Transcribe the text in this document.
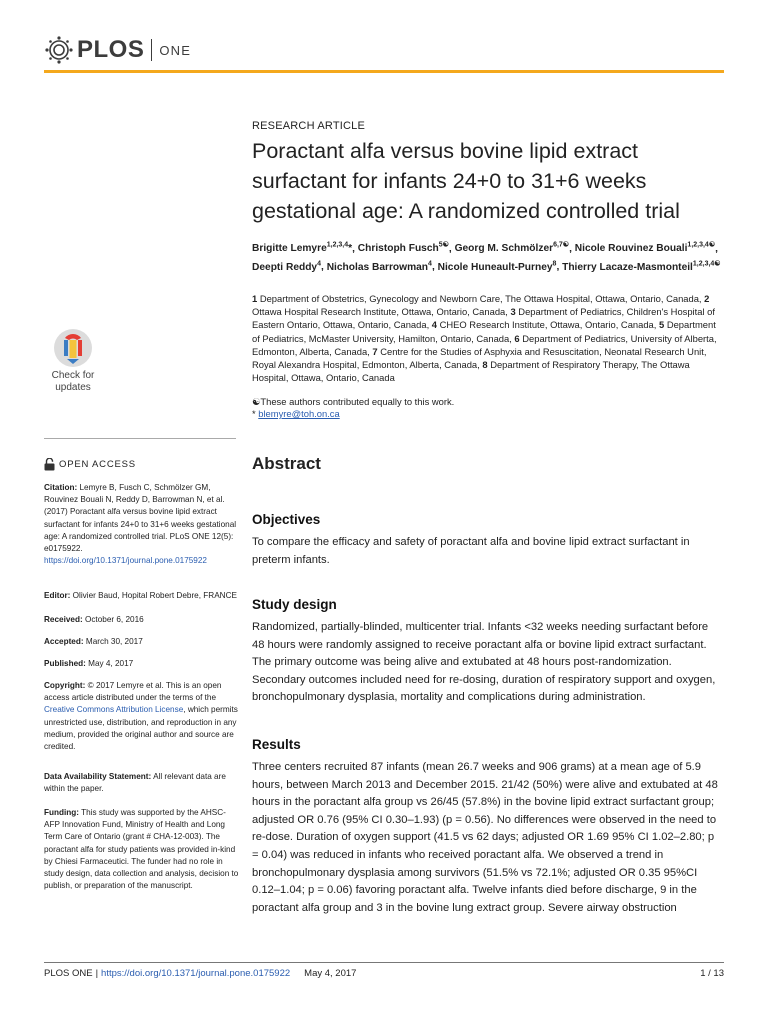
PLOS ONE
Check for updates
OPEN ACCESS
Citation: Lemyre B, Fusch C, Schmölzer GM, Rouvinez Bouali N, Reddy D, Barrowman N, et al. (2017) Poractant alfa versus bovine lipid extract surfactant for infants 24+0 to 31+6 weeks gestational age: A randomized controlled trial. PLoS ONE 12(5): e0175922. https://doi.org/10.1371/journal.pone.0175922
Editor: Olivier Baud, Hopital Robert Debre, FRANCE
Received: October 6, 2016
Accepted: March 30, 2017
Published: May 4, 2017
Copyright: © 2017 Lemyre et al. This is an open access article distributed under the terms of the Creative Commons Attribution License, which permits unrestricted use, distribution, and reproduction in any medium, provided the original author and source are credited.
Data Availability Statement: All relevant data are within the paper.
Funding: This study was supported by the AHSC-AFP Innovation Fund, Ministry of Health and Long Term Care of Ontario (grant # CHA-12-003). The poractant alfa for study patients was provided in-kind by Chiesi Farmaceutici. The funder had no role in study design, data collection and analysis, decision to publish, or preparation of the manuscript.
RESEARCH ARTICLE
Poractant alfa versus bovine lipid extract surfactant for infants 24+0 to 31+6 weeks gestational age: A randomized controlled trial
Brigitte Lemyre$^{1,2,3,4}$*, Christoph Fusch$^{5☯}$, Georg M. Schmölzer$^{6,7☯}$, Nicole Rouvinez Bouali$^{1,2,3,4☯}$, Deepti Reddy$^4$, Nicholas Barrowman$^4$, Nicole Huneault-Purney$^8$, Thierry Lacaze-Masmonteil$^{1,2,3,4☯}$
1 Department of Obstetrics, Gynecology and Newborn Care, The Ottawa Hospital, Ottawa, Ontario, Canada, 2 Ottawa Hospital Research Institute, Ottawa, Ontario, Canada, 3 Department of Pediatrics, Children's Hospital of Eastern Ontario, Ottawa, Ontario, Canada, 4 CHEO Research Institute, Ottawa, Ontario, Canada, 5 Department of Pediatrics, McMaster University, Hamilton, Ontario, Canada, 6 Department of Pediatrics, University of Alberta, Edmonton, Alberta, Canada, 7 Centre for the Studies of Asphyxia and Resuscitation, Neonatal Research Unit, Royal Alexandra Hospital, Edmonton, Alberta, Canada, 8 Department of Respiratory Therapy, The Ottawa Hospital, Ottawa, Ontario, Canada
☯These authors contributed equally to this work.
* blemyre@toh.on.ca
Abstract
Objectives

To compare the efficacy and safety of poractant alfa and bovine lipid extract surfactant in preterm infants.

Study design

Randomized, partially-blinded, multicenter trial. Infants <32 weeks needing surfactant before 48 hours were randomly assigned to receive poractant alfa or bovine lipid extract surfactant. The primary outcome was being alive and extubated at 48 hours post-randomization. Secondary outcomes included need for re-dosing, duration of respiratory support and oxygen, bronchopulmonary dysplasia, mortality and complications during administration.

Results

Three centers recruited 87 infants (mean 26.7 weeks and 906 grams) at a mean age of 5.9 hours, between March 2013 and December 2015. 21/42 (50%) were alive and extubated at 48 hours in the poractant alfa group vs 26/45 (57.8%) in the bovine lipid extract surfactant group; adjusted OR 0.76 (95% CI 0.30–1.93) (p = 0.56). No differences were observed in the need to re-dose. Duration of oxygen support (41.5 vs 62 days; adjusted OR 1.69 95% CI 1.02–2.80; p = 0.04) was reduced in infants who received poractant alfa. We observed a trend in bronchopulmonary dysplasia among survivors (51.5% vs 72.1%; adjusted OR 0.35 95%CI 0.12–1.04; p = 0.06) favoring poractant alfa. Twelve infants died before discharge, 9 in the poractant alfa group and 3 in the bovine lung extract group. Severe airway obstruction

PLOS ONE | https://doi.org/10.1371/journal.pone.0175922 May 4, 2017	1 / 13
